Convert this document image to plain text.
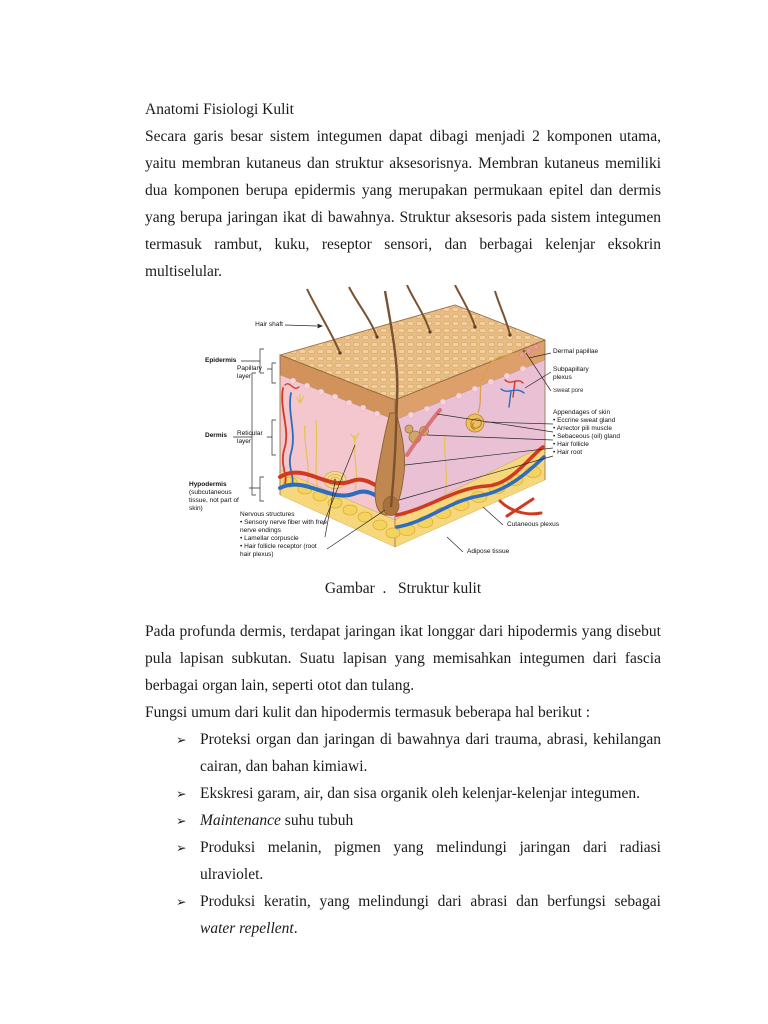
Anatomi Fisiologi Kulit

Secara garis besar sistem integumen dapat dibagi menjadi 2 komponen utama, yaitu membran kutaneus dan struktur aksesorisnya. Membran kutaneus memiliki dua komponen berupa epidermis yang merupakan permukaan epitel dan dermis yang berupa jaringan ikat di bawahnya. Struktur aksesoris pada sistem integumen termasuk rambut, kuku, reseptor sensori, dan berbagai kelenjar eksokrin multiselular.

Hair shaft
Epidermis
Papillary layer
Dermis Reticular layer
Hypodermis
(subcutaneous tissue, not part of skin)
Nervous structures
• Sensory nerve fiber with free nerve endings
• Lamellar corpuscle
• Hair follicle receptor (root hair plexus)
Dermal papillae
Subpapillary plexus
Sweat pore
Appendages of skin
• Eccrine sweat gland
• Arrector pili muscle
• Sebaceous (oil) gland
• Hair follicle
• Hair root
Cutaneous plexus
Adipose tissue
Gambar  .   Struktur kulit

Pada profunda dermis, terdapat jaringan ikat longgar dari hipodermis yang disebut pula lapisan subkutan. Suatu lapisan yang memisahkan integumen dari fascia berbagai organ lain, seperti otot dan tulang.

Fungsi umum dari kulit dan hipodermis termasuk beberapa hal berikut :

➢ Proteksi organ dan jaringan di bawahnya dari trauma, abrasi, kehilangan cairan, dan bahan kimiawi.
➢ Ekskresi garam, air, dan sisa organik oleh kelenjar-kelenjar integumen.
➢ Maintenance suhu tubuh
➢ Produksi melanin, pigmen yang melindungi jaringan dari radiasi ulraviolet.
➢ Produksi keratin, yang melindungi dari abrasi dan berfungsi sebagai water repellent.
